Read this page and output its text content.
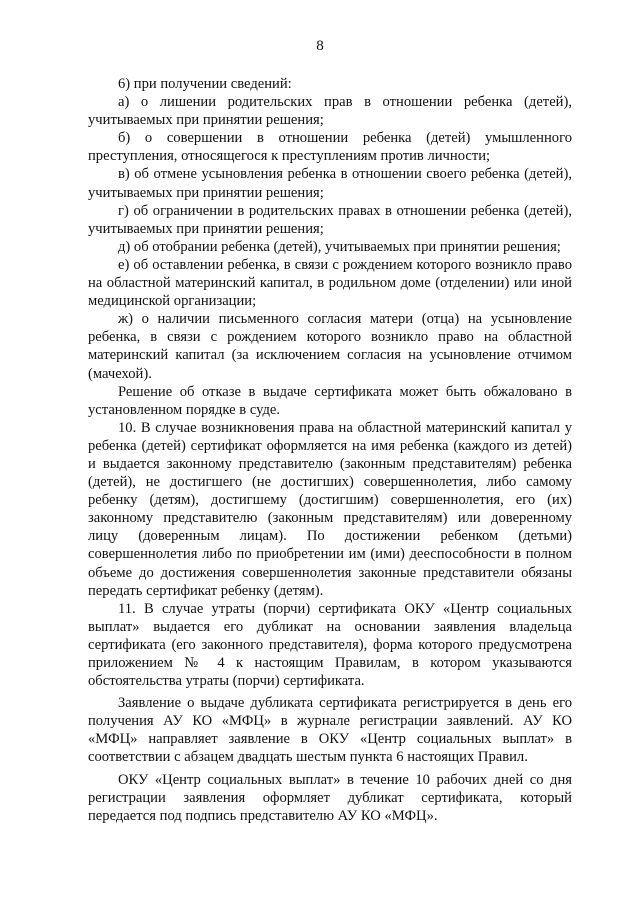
8

6) при получении сведений:

а) о лишении родительских прав в отношении ребенка (детей), учитываемых при принятии решения;

б) о совершении в отношении ребенка (детей) умышленного преступления, относящегося к преступлениям против личности;

в) об отмене усыновления ребенка в отношении своего ребенка (детей), учитываемых при принятии решения;

г) об ограничении в родительских правах в отношении ребенка (детей), учитываемых при принятии решения;

д) об отобрании ребенка (детей), учитываемых при принятии решения;

е) об оставлении ребенка, в связи с рождением которого возникло право на областной материнский капитал, в родильном доме (отделении) или иной медицинской организации;

ж) о наличии письменного согласия матери (отца) на усыновление ребенка, в связи с рождением которого возникло право на областной материнский капитал (за исключением согласия на усыновление отчимом (мачехой).

Решение об отказе в выдаче сертификата может быть обжаловано в установленном порядке в суде.

10. В случае возникновения права на областной материнский капитал у ребенка (детей) сертификат оформляется на имя ребенка (каждого из детей) и выдается законному представителю (законным представителям) ребенка (детей), не достигшего (не достигших) совершеннолетия, либо самому ребенку (детям), достигшему (достигшим) совершеннолетия, его (их) законному представителю (законным представителям) или доверенному лицу (доверенным лицам). По достижении ребенком (детьми) совершеннолетия либо по приобретении им (ими) дееспособности в полном объеме до достижения совершеннолетия законные представители обязаны передать сертификат ребенку (детям).

11. В случае утраты (порчи) сертификата ОКУ «Центр социальных выплат» выдается его дубликат на основании заявления владельца сертификата (его законного представителя), форма которого предусмотрена приложением № 4 к настоящим Правилам, в котором указываются обстоятельства утраты (порчи) сертификата.

Заявление о выдаче дубликата сертификата регистрируется в день его получения АУ КО «МФЦ» в журнале регистрации заявлений. АУ КО «МФЦ» направляет заявление в ОКУ «Центр социальных выплат» в соответствии с абзацем двадцать шестым пункта 6 настоящих Правил.

ОКУ «Центр социальных выплат» в течение 10 рабочих дней со дня регистрации заявления оформляет дубликат сертификата, который передается под подпись представителю АУ КО «МФЦ».
